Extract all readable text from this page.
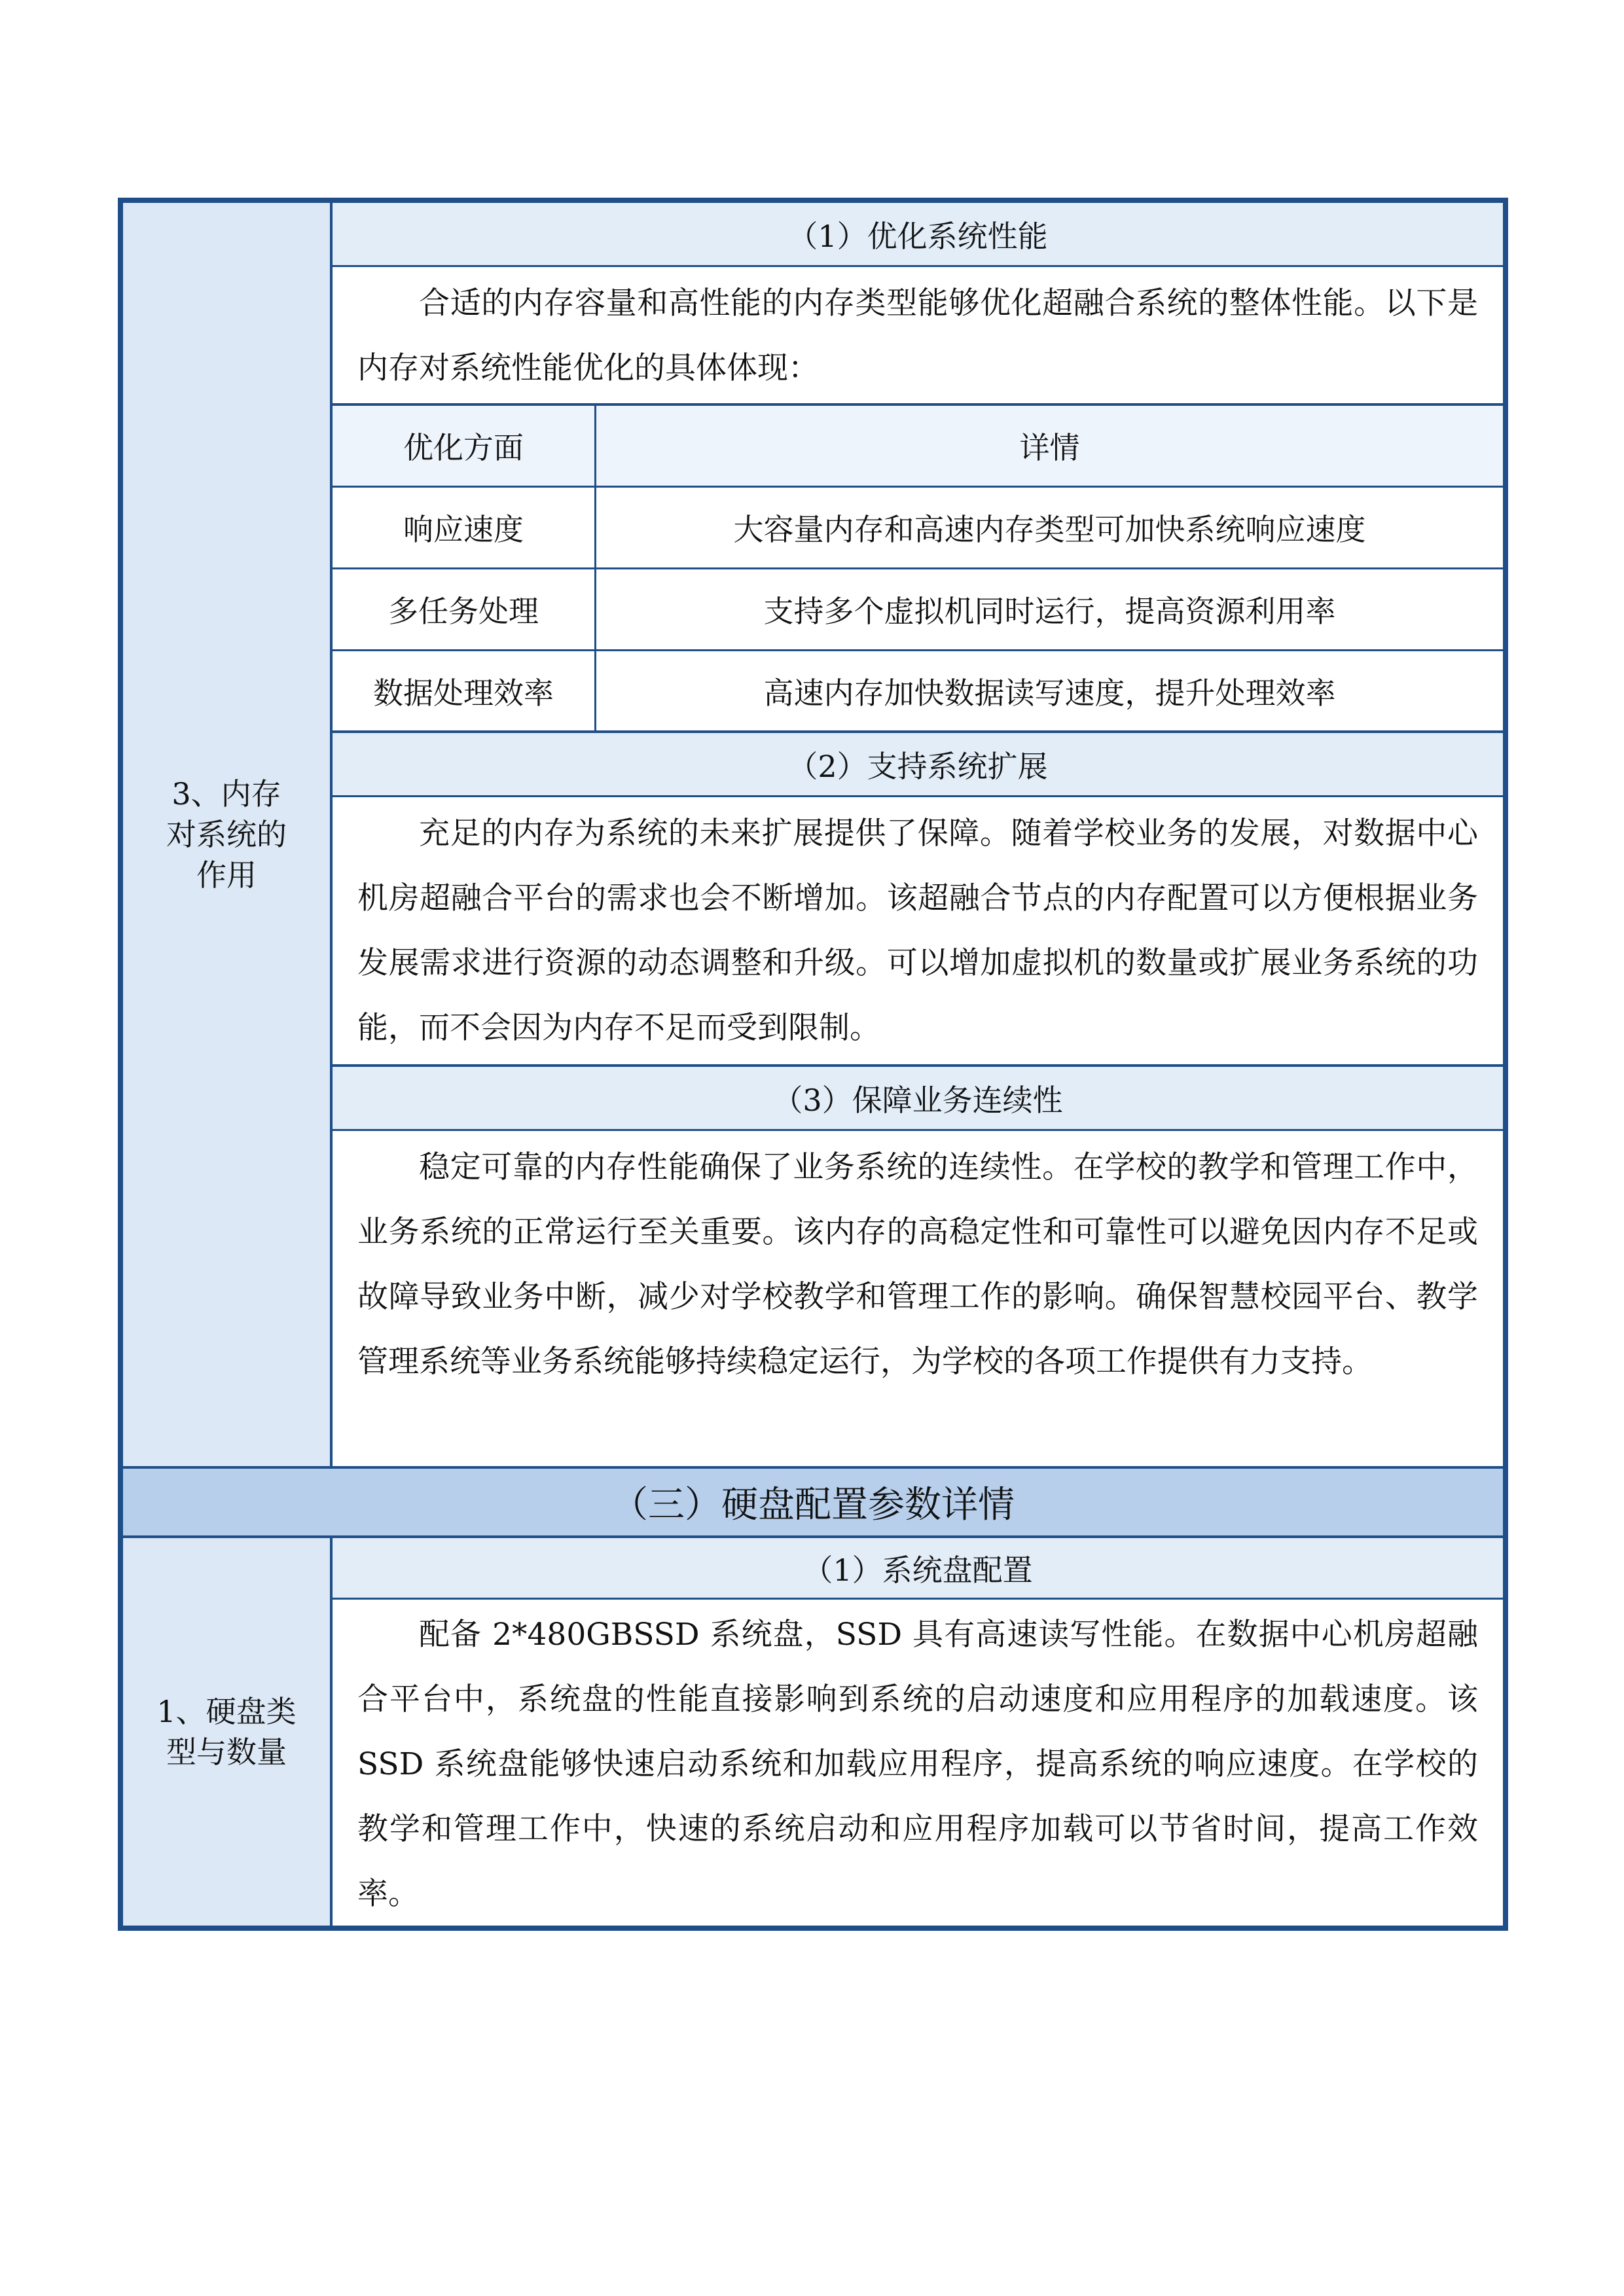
3、内存对系统的作用
（1）优化系统性能
合适的内存容量和高性能的内存类型能够优化超融合系统的整体性能。以下是内存对系统性能优化的具体体现：
优化方面	详情
响应速度	大容量内存和高速内存类型可加快系统响应速度
多任务处理	支持多个虚拟机同时运行，提高资源利用率
数据处理效率	高速内存加快数据读写速度，提升处理效率
（2）支持系统扩展
充足的内存为系统的未来扩展提供了保障。随着学校业务的发展，对数据中心机房超融合平台的需求也会不断增加。该超融合节点的内存配置可以方便根据业务发展需求进行资源的动态调整和升级。可以增加虚拟机的数量或扩展业务系统的功能，而不会因为内存不足而受到限制。
（3）保障业务连续性
稳定可靠的内存性能确保了业务系统的连续性。在学校的教学和管理工作中，业务系统的正常运行至关重要。该内存的高稳定性和可靠性可以避免因内存不足或故障导致业务中断，减少对学校教学和管理工作的影响。确保智慧校园平台、教学管理系统等业务系统能够持续稳定运行，为学校的各项工作提供有力支持。
（三）硬盘配置参数详情
1、硬盘类型与数量
（1）系统盘配置
配备 2*480GBSSD 系统盘，SSD 具有高速读写性能。在数据中心机房超融合平台中，系统盘的性能直接影响到系统的启动速度和应用程序的加载速度。该 SSD 系统盘能够快速启动系统和加载应用程序，提高系统的响应速度。在学校的教学和管理工作中，快速的系统启动和应用程序加载可以节省时间，提高工作效率。
